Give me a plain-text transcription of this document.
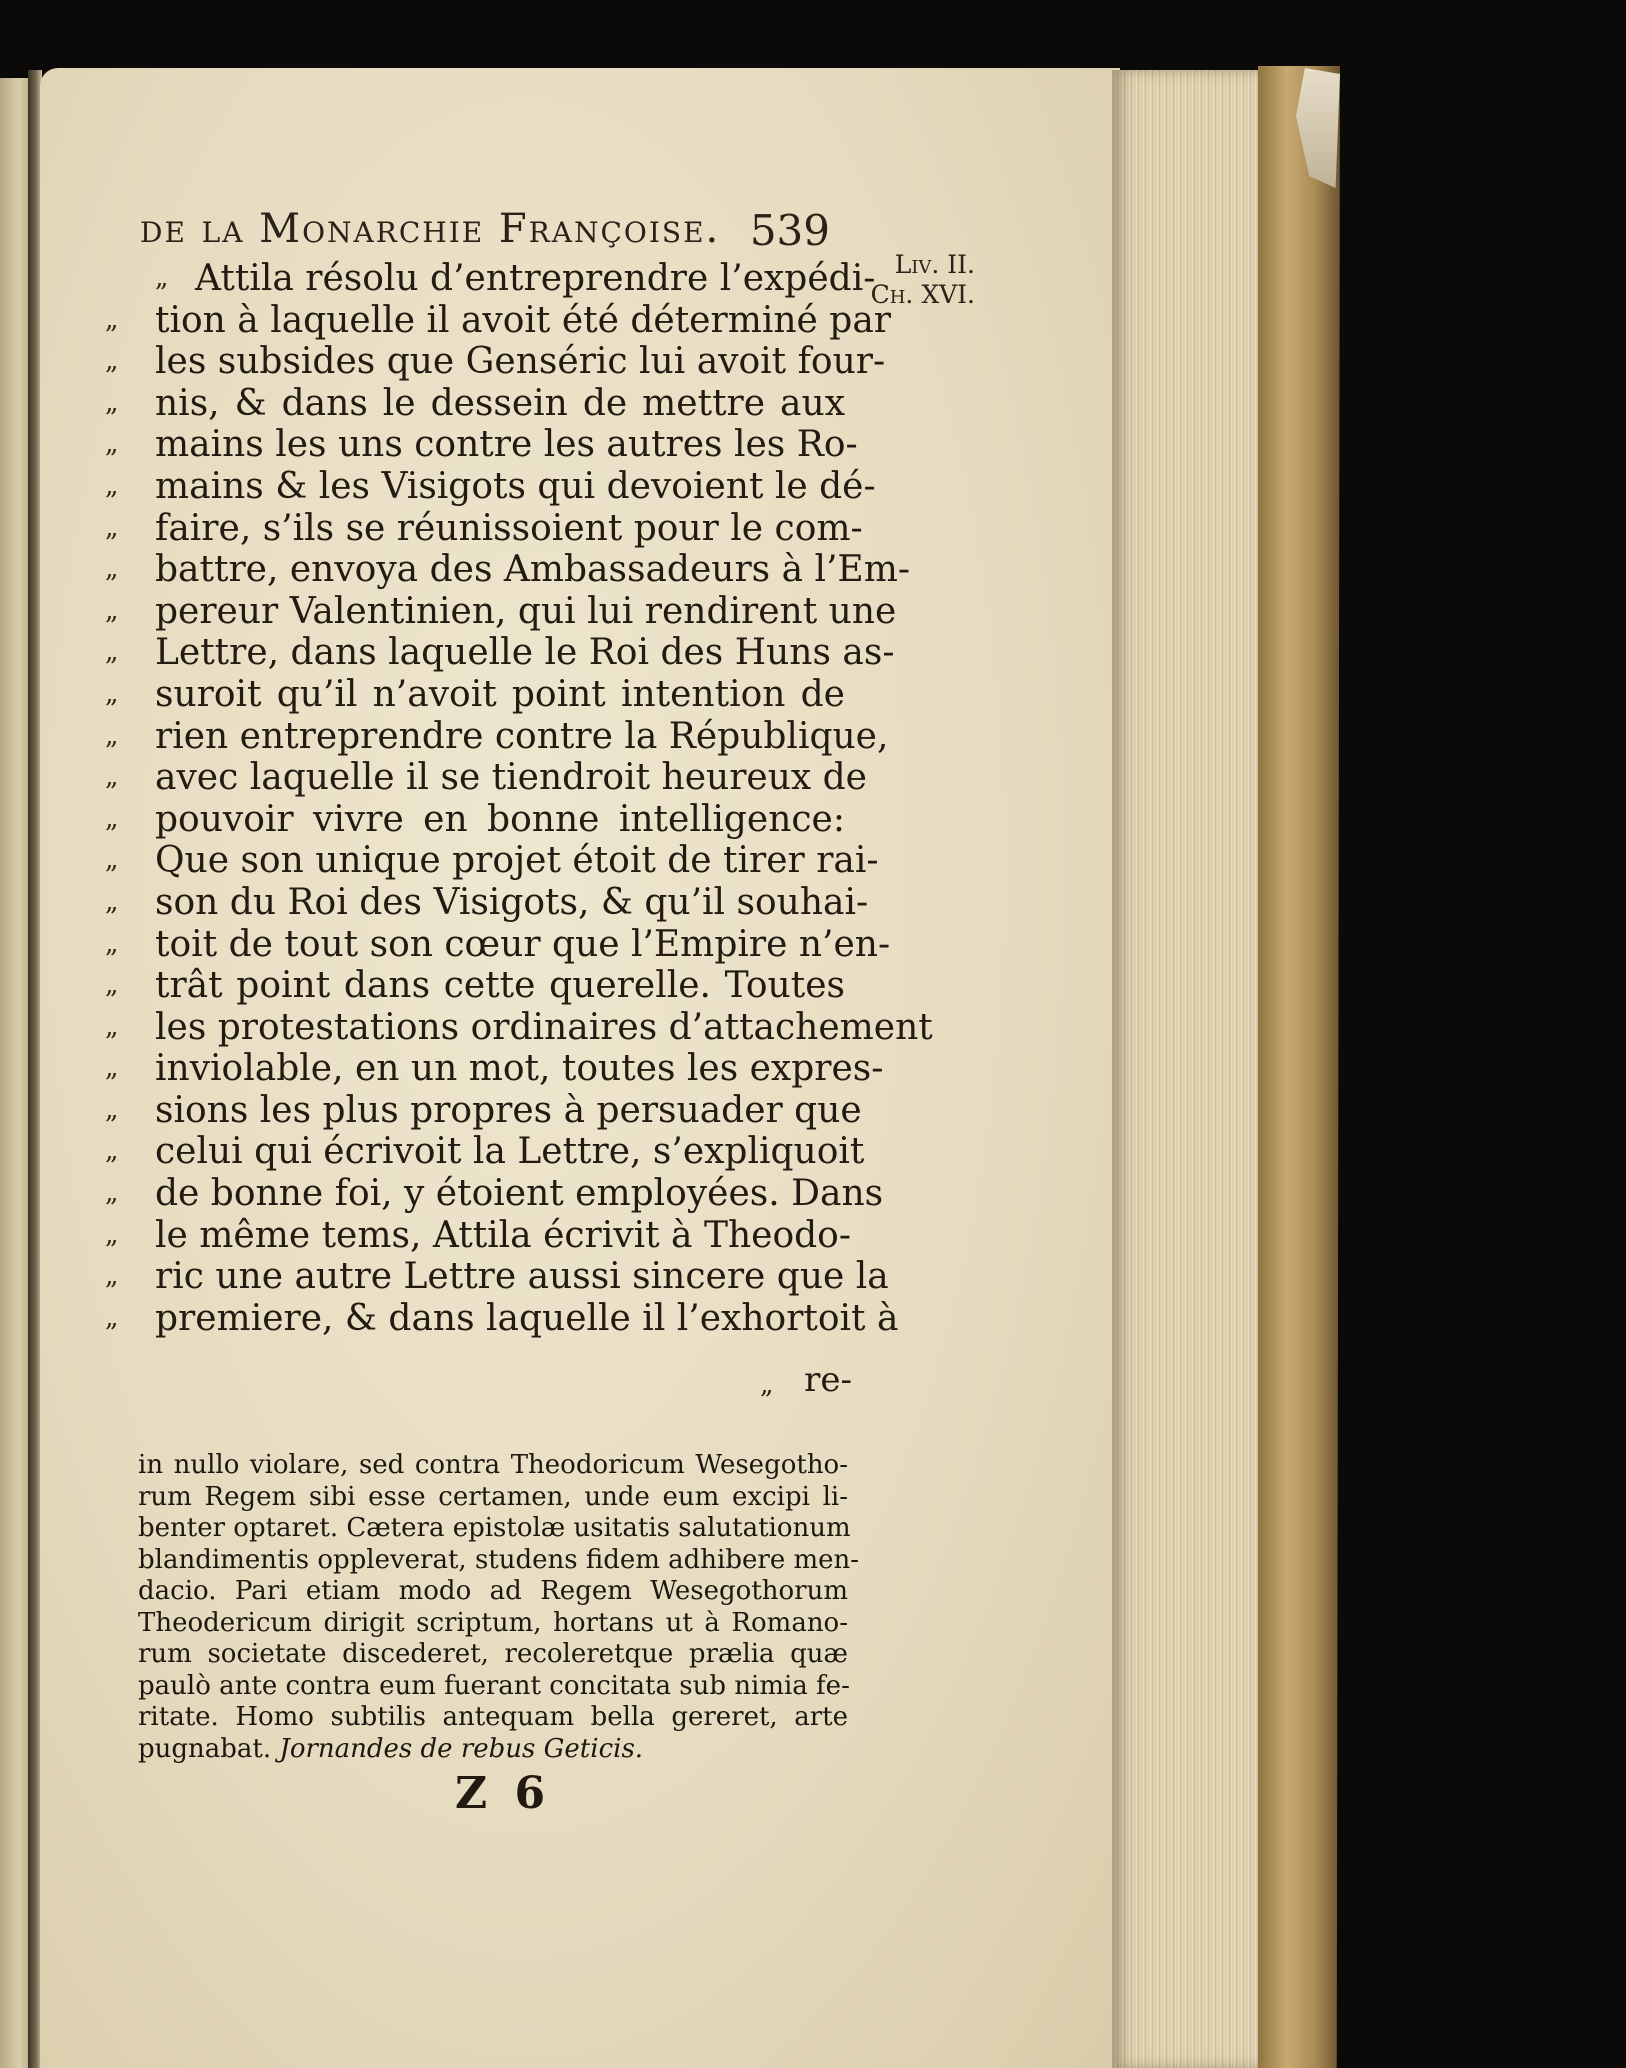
de la Monarchie Françoise. 539
Liv. II.
Ch. XVI.
„ Attila résolu d’entreprendre l’expédi-
„	tion à laquelle il avoit été déterminé par
„	les subsides que Genséric lui avoit four-
„	nis, & dans le dessein de mettre aux
„	mains les uns contre les autres les Ro-
„	mains & les Visigots qui devoient le dé-
„	faire, s’ils se réunissoient pour le com-
„	battre, envoya des Ambassadeurs à l’Em-
„	pereur Valentinien, qui lui rendirent une
„	Lettre, dans laquelle le Roi des Huns as-
„	suroit qu’il n’avoit point intention de
„	rien entreprendre contre la République,
„	avec laquelle il se tiendroit heureux de
„	pouvoir vivre en bonne intelligence:
„	Que son unique projet étoit de tirer rai-
„	son du Roi des Visigots, & qu’il souhai-
„	toit de tout son cœur que l’Empire n’en-
„	trât point dans cette querelle. Toutes
„	les protestations ordinaires d’attachement
„	inviolable, en un mot, toutes les expres-
„	sions les plus propres à persuader que
„	celui qui écrivoit la Lettre, s’expliquoit
„	de bonne foi, y étoient employées. Dans
„	le même tems, Attila écrivit à Theodo-
„	ric une autre Lettre aussi sincere que la
„	premiere, & dans laquelle il l’exhortoit à
„ re-
in nullo violare, sed contra Theodoricum Wesegotho-
rum Regem sibi esse certamen, unde eum excipi li-
benter optaret. Cætera epistolæ usitatis salutationum
blandimentis oppleverat, studens fidem adhibere men-
dacio. Pari etiam modo ad Regem Wesegothorum
Theodericum dirigit scriptum, hortans ut à Romano-
rum societate discederet, recoleretque prælia quæ
paulò ante contra eum fuerant concitata sub nimia fe-
ritate. Homo subtilis antequam bella gereret, arte
pugnabat. Jornandes de rebus Geticis.
Z 6
